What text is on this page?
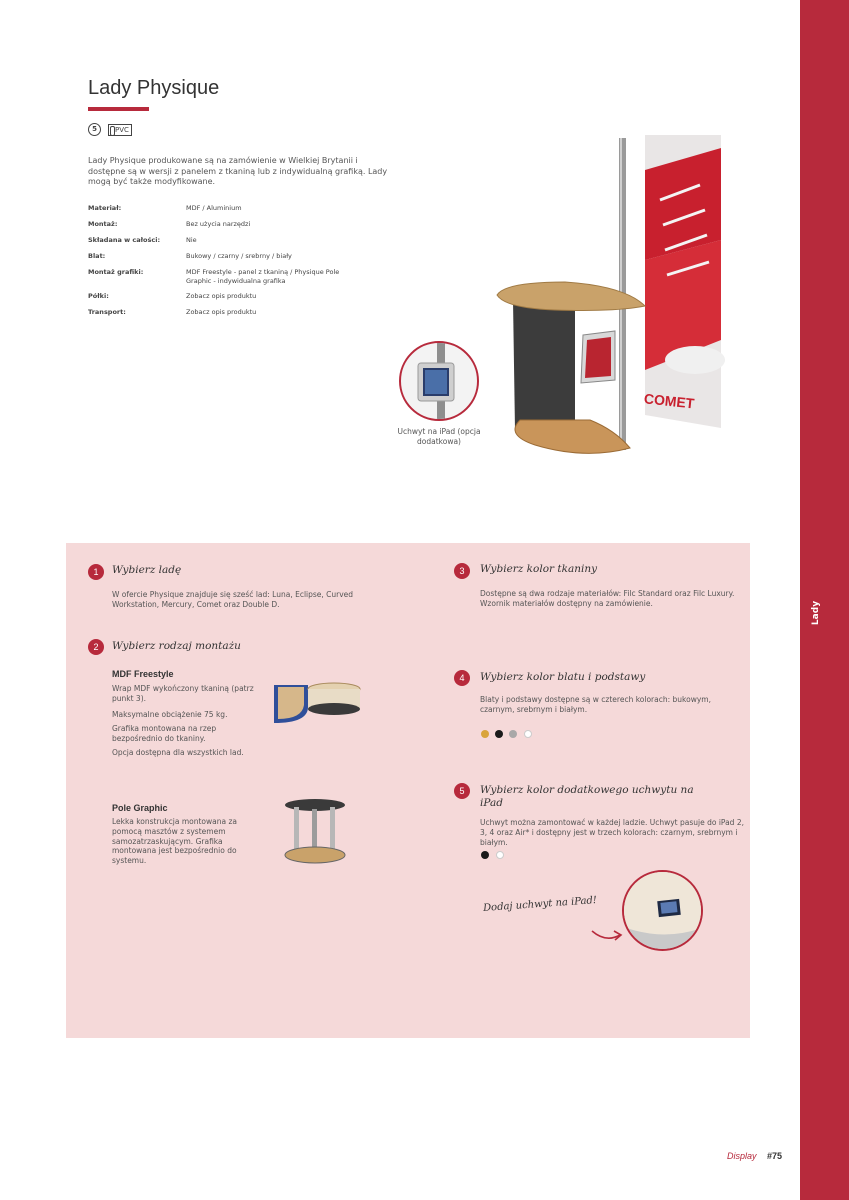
Lady
Lady Physique
5	PVC
Lady Physique produkowane są na zamówienie w Wielkiej Brytanii i dostępne są w wersji z panelem z tkaniną lub z indywidualną grafiką. Lady mogą być także modyfikowane.
Materiał:	MDF / Aluminium
Montaż:	Bez użycia narzędzi
Składana w całości:	Nie
Blat:	Bukowy / czarny / srebrny / biały
Montaż grafiki:	MDF Freestyle - panel z tkaniną / Physique Pole Graphic - indywidualna grafika
Półki:	Zobacz opis produktu
Transport:	Zobacz opis produktu
COMET
Uchwyt na iPad (opcja dodatkowa)
1	Wybierz ladę
W ofercie Physique znajduje się sześć lad: Luna, Eclipse, Curved Workstation, Mercury, Comet oraz Double D.
2	Wybierz rodzaj montażu
MDF Freestyle
Wrap MDF wykończony tkaniną (patrz punkt 3).
Maksymalne obciążenie 75 kg.
Grafika montowana na rzep bezpośrednio do tkaniny.
Opcja dostępna dla wszystkich lad.
Pole Graphic
Lekka konstrukcja montowana za pomocą masztów z systemem samozatrzaskującym. Grafika montowana jest bezpośrednio do systemu.
3	Wybierz kolor tkaniny
Dostępne są dwa rodzaje materiałów: Filc Standard oraz Filc Luxury. Wzornik materiałów dostępny na zamówienie.
4	Wybierz kolor blatu i podstawy
Blaty i podstawy dostępne są w czterech kolorach: bukowym, czarnym, srebrnym i białym.
5	Wybierz kolor dodatkowego uchwytu na iPad
Uchwyt można zamontować w każdej ladzie. Uchwyt pasuje do iPad 2, 3, 4 oraz Air* i dostępny jest w trzech kolorach: czarnym, srebrnym i białym.
Dodaj uchwyt na iPad!
Display #75
